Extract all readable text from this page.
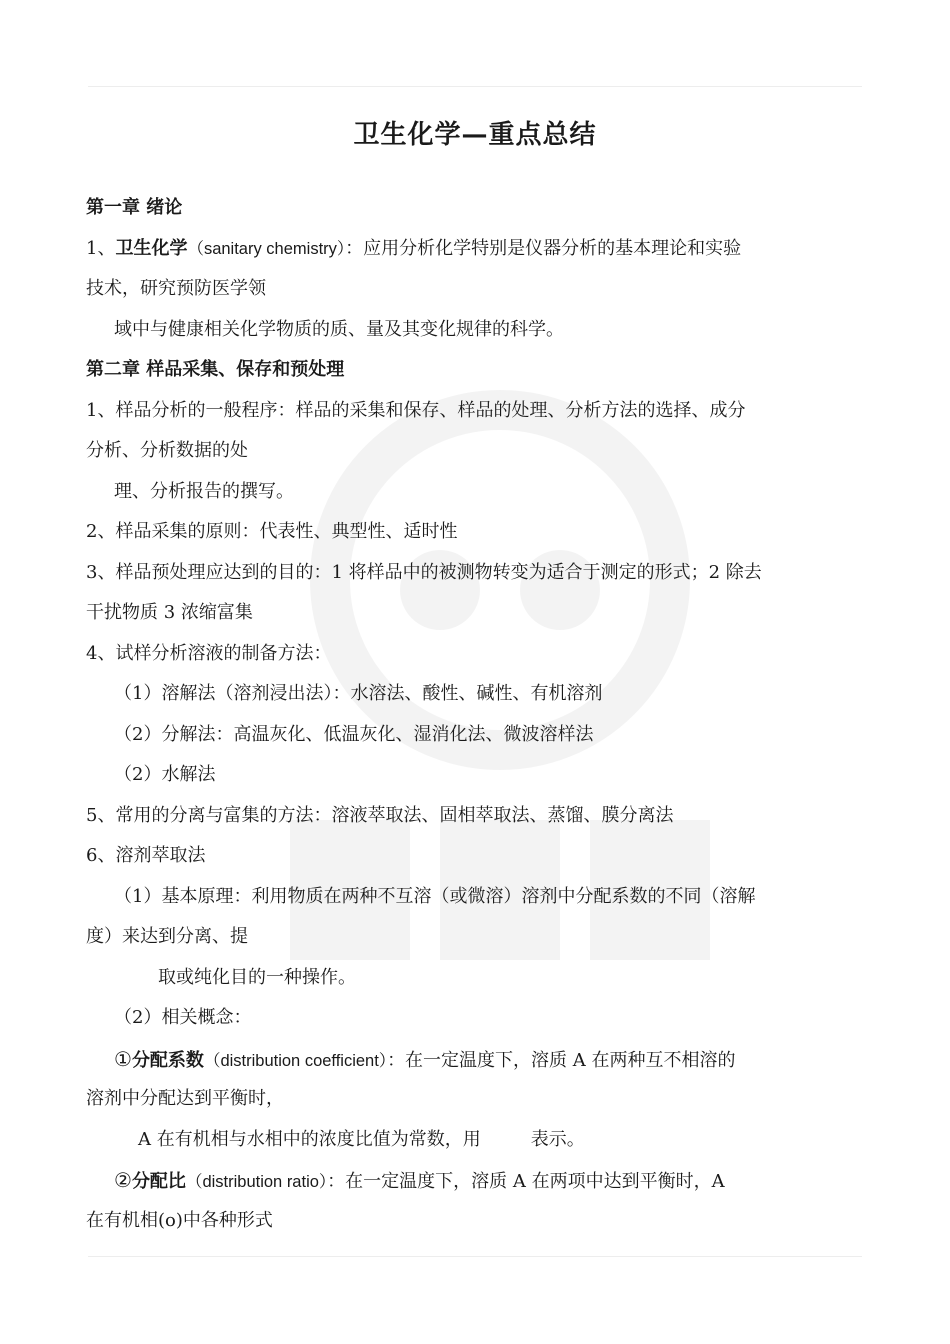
卫生化学—重点总结
第一章 绪论
1、卫生化学（sanitary chemistry）：应用分析化学特别是仪器分析的基本理论和实验
技术，研究预防医学领
域中与健康相关化学物质的质、量及其变化规律的科学。
第二章 样品采集、保存和预处理
1、样品分析的一般程序：样品的采集和保存、样品的处理、分析方法的选择、成分
分析、分析数据的处
理、分析报告的撰写。
2、样品采集的原则：代表性、典型性、适时性
3、样品预处理应达到的目的：1 将样品中的被测物转变为适合于测定的形式；2 除去
干扰物质 3 浓缩富集
4、试样分析溶液的制备方法：
（1）溶解法（溶剂浸出法）：水溶法、酸性、碱性、有机溶剂
（2）分解法：高温灰化、低温灰化、湿消化法、微波溶样法
（2）水解法
5、常用的分离与富集的方法：溶液萃取法、固相萃取法、蒸馏、膜分离法
6、溶剂萃取法
（1）基本原理：利用物质在两种不互溶（或微溶）溶剂中分配系数的不同（溶解
度）来达到分离、提
取或纯化目的一种操作。
（2）相关概念：
①分配系数（distribution coefficient）：在一定温度下，溶质 A 在两种互不相溶的
溶剂中分配达到平衡时，
A 在有机相与水相中的浓度比值为常数，用	表示。
②分配比（distribution ratio）：在一定温度下，溶质 A 在两项中达到平衡时，A
在有机相(o)中各种形式
